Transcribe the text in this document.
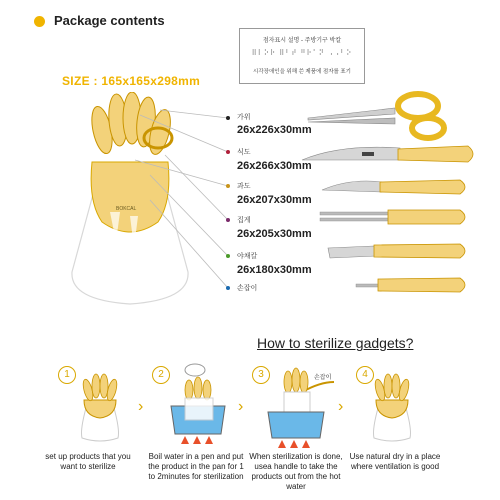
Package contents
SIZE : 165x165x298mm
점자표시 설명 - 주방기구 박칼
⠿⠇⠕⠗ ⠿⠃⠞ ⠛⠗⠁⠝ ⠠⠠⠃⠕
시각장애인을 위해 쓴 제품에 점자를 표기
BOKCAL
가위
26x226x30mm
식도
26x266x30mm
과도
26x207x30mm
집게
26x205x30mm
야채칼
26x180x30mm
손잡이
How to sterilize gadgets?
1
set up products that you want to sterilize
›
2
Boil water in a pen and put the product in the pan for 1 to 2minutes for sterilization
›
3	손잡이
When sterilization is done, usea handle to take the products out from the hot water
›
4
Use natural dry in a place where ventilation is good
